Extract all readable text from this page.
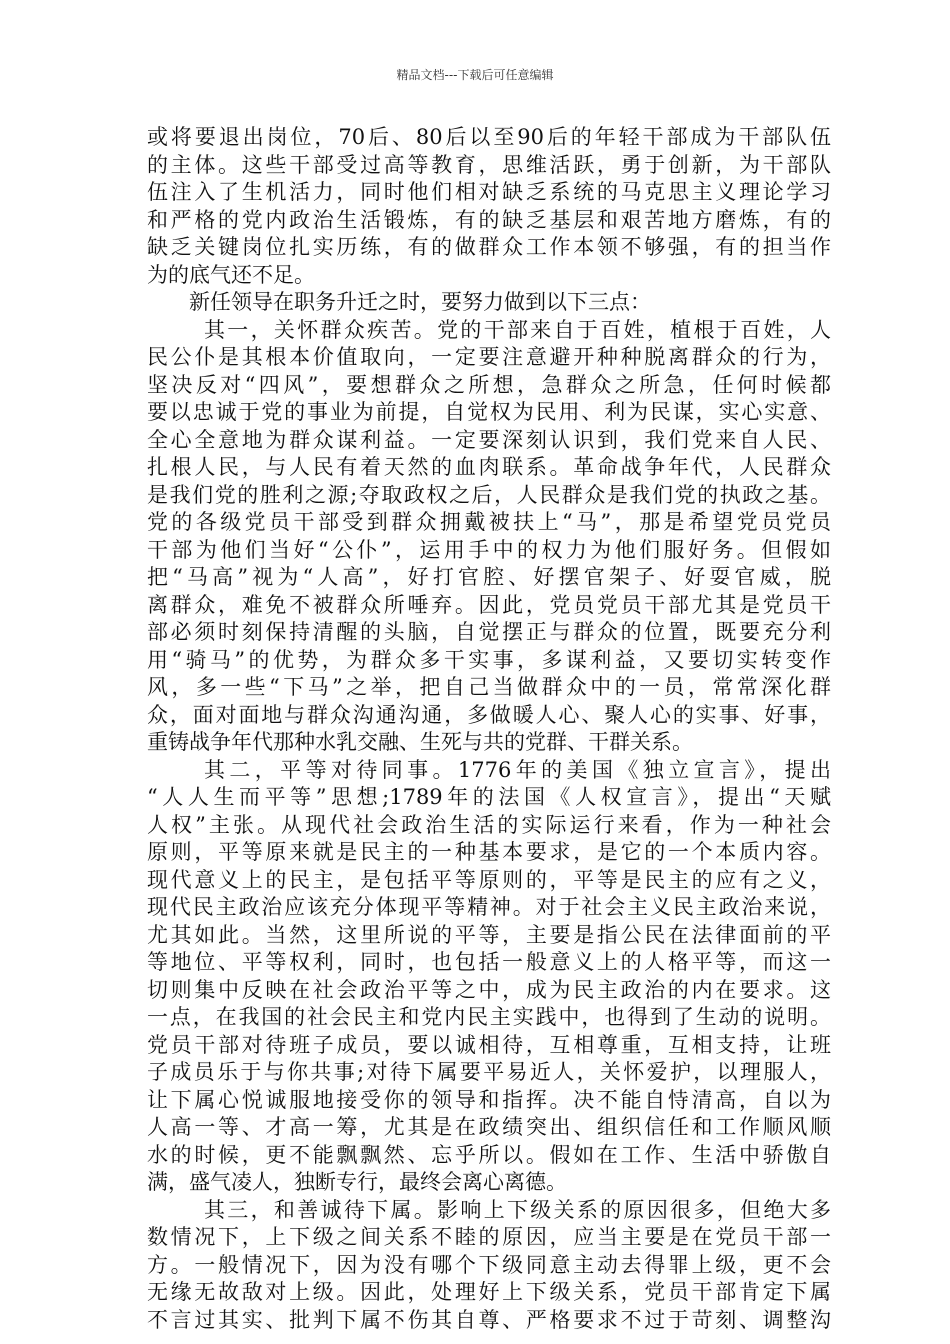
精品文档---下载后可任意编辑
或将要退出岗位，70后、80后以至90后的年轻干部成为干部队伍
的主体。这些干部受过高等教育，思维活跃，勇于创新，为干部队
伍注入了生机活力，同时他们相对缺乏系统的马克思主义理论学习
和严格的党内政治生活锻炼，有的缺乏基层和艰苦地方磨炼，有的
缺乏关键岗位扎实历练，有的做群众工作本领不够强，有的担当作
为的底气还不足。
新任领导在职务升迁之时，要努力做到以下三点：
其一，关怀群众疾苦。党的干部来自于百姓，植根于百姓，人
民公仆是其根本价值取向，一定要注意避开种种脱离群众的行为，
坚决反对“四风”，要想群众之所想，急群众之所急，任何时候都
要以忠诚于党的事业为前提，自觉权为民用、利为民谋，实心实意、
全心全意地为群众谋利益。一定要深刻认识到，我们党来自人民、
扎根人民，与人民有着天然的血肉联系。革命战争年代，人民群众
是我们党的胜利之源;夺取政权之后，人民群众是我们党的执政之基。
党的各级党员干部受到群众拥戴被扶上“马”，那是希望党员党员
干部为他们当好“公仆”，运用手中的权力为他们服好务。但假如
把“马高”视为“人高”，好打官腔、好摆官架子、好耍官威，脱
离群众，难免不被群众所唾弃。因此，党员党员干部尤其是党员干
部必须时刻保持清醒的头脑，自觉摆正与群众的位置，既要充分利
用“骑马”的优势，为群众多干实事，多谋利益，又要切实转变作
风，多一些“下马”之举，把自己当做群众中的一员，常常深化群
众，面对面地与群众沟通沟通，多做暖人心、聚人心的实事、好事，
重铸战争年代那种水乳交融、生死与共的党群、干群关系。
其二，平等对待同事。1776年的美国《独立宣言》，提出
“人人生而平等”思想;1789年的法国《人权宣言》，提出“天赋
人权”主张。从现代社会政治生活的实际运行来看，作为一种社会
原则，平等原来就是民主的一种基本要求，是它的一个本质内容。
现代意义上的民主，是包括平等原则的，平等是民主的应有之义，
现代民主政治应该充分体现平等精神。对于社会主义民主政治来说，
尤其如此。当然，这里所说的平等，主要是指公民在法律面前的平
等地位、平等权利，同时，也包括一般意义上的人格平等，而这一
切则集中反映在社会政治平等之中，成为民主政治的内在要求。这
一点，在我国的社会民主和党内民主实践中，也得到了生动的说明。
党员干部对待班子成员，要以诚相待，互相尊重，互相支持，让班
子成员乐于与你共事;对待下属要平易近人，关怀爱护，以理服人，
让下属心悦诚服地接受你的领导和指挥。决不能自恃清高，自以为
人高一等、才高一筹，尤其是在政绩突出、组织信任和工作顺风顺
水的时候，更不能飘飘然、忘乎所以。假如在工作、生活中骄傲自
满，盛气凌人，独断专行，最终会离心离德。
其三，和善诚待下属。影响上下级关系的原因很多，但绝大多
数情况下，上下级之间关系不睦的原因，应当主要是在党员干部一
方。一般情况下，因为没有哪个下级同意主动去得罪上级，更不会
无缘无故敌对上级。因此，处理好上下级关系，党员干部肯定下属
不言过其实、批判下属不伤其自尊、严格要求不过于苛刻、调整沟
